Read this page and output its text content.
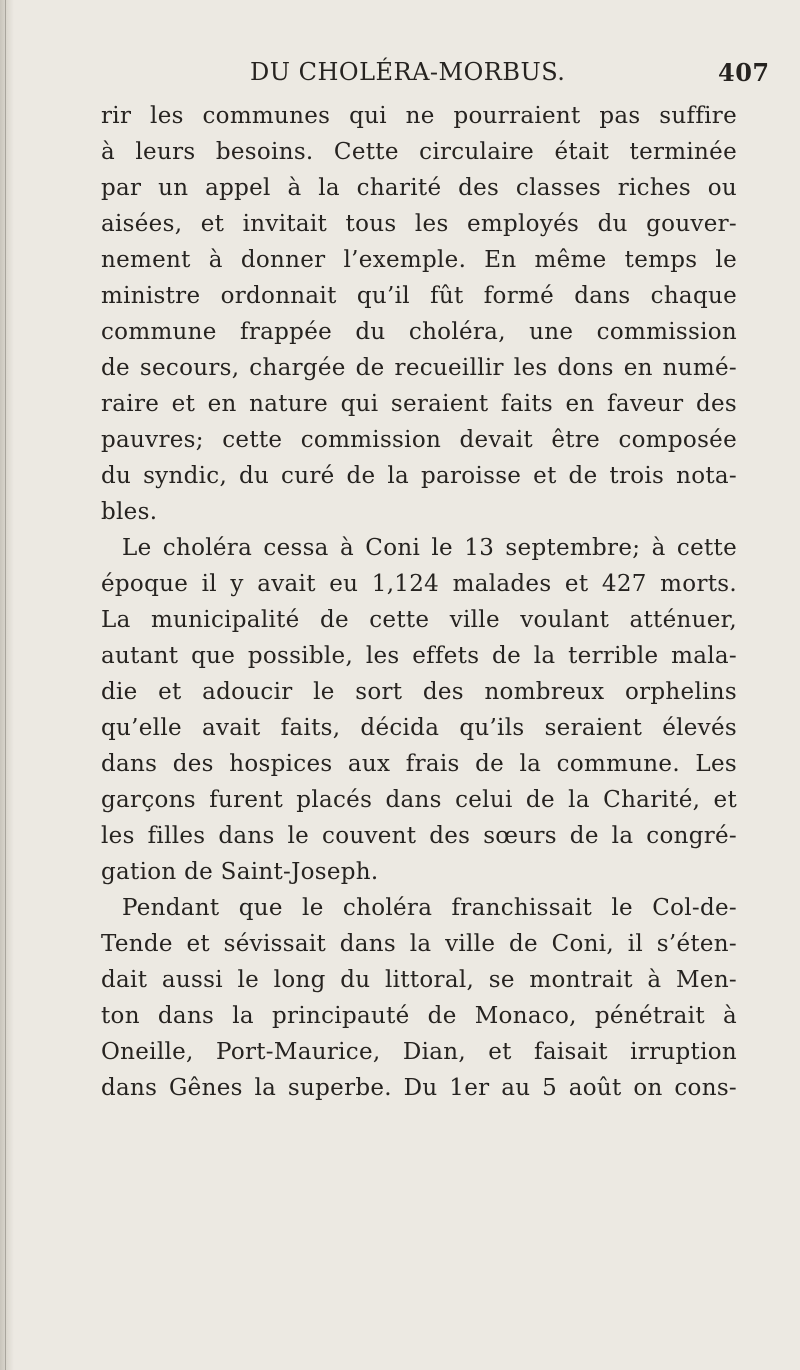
DU CHOLÉRA-MORBUS.	407
rir les communes qui ne pourraient pas suffire
à leurs besoins. Cette circulaire était terminée
par un appel à la charité des classes riches ou
aisées, et invitait tous les employés du gouver-
nement à donner l’exemple. En même temps le
ministre ordonnait qu’il fût formé dans chaque
commune frappée du choléra, une commission
de secours, chargée de recueillir les dons en numé-
raire et en nature qui seraient faits en faveur des
pauvres; cette commission devait être composée
du syndic, du curé de la paroisse et de trois nota-
bles.
Le choléra cessa à Coni le 13 septembre; à cette
époque il y avait eu 1,124 malades et 427 morts.
La municipalité de cette ville voulant atténuer,
autant que possible, les effets de la terrible mala-
die et adoucir le sort des nombreux orphelins
qu’elle avait faits, décida qu’ils seraient élevés
dans des hospices aux frais de la commune. Les
garçons furent placés dans celui de la Charité, et
les filles dans le couvent des sœurs de la congré-
gation de Saint-Joseph.
Pendant que le choléra franchissait le Col-de-
Tende et sévissait dans la ville de Coni, il s’éten-
dait aussi le long du littoral, se montrait à Men-
ton dans la principauté de Monaco, pénétrait à
Oneille, Port-Maurice, Dian, et faisait irruption
dans Gênes la superbe. Du 1er au 5 août on cons-
